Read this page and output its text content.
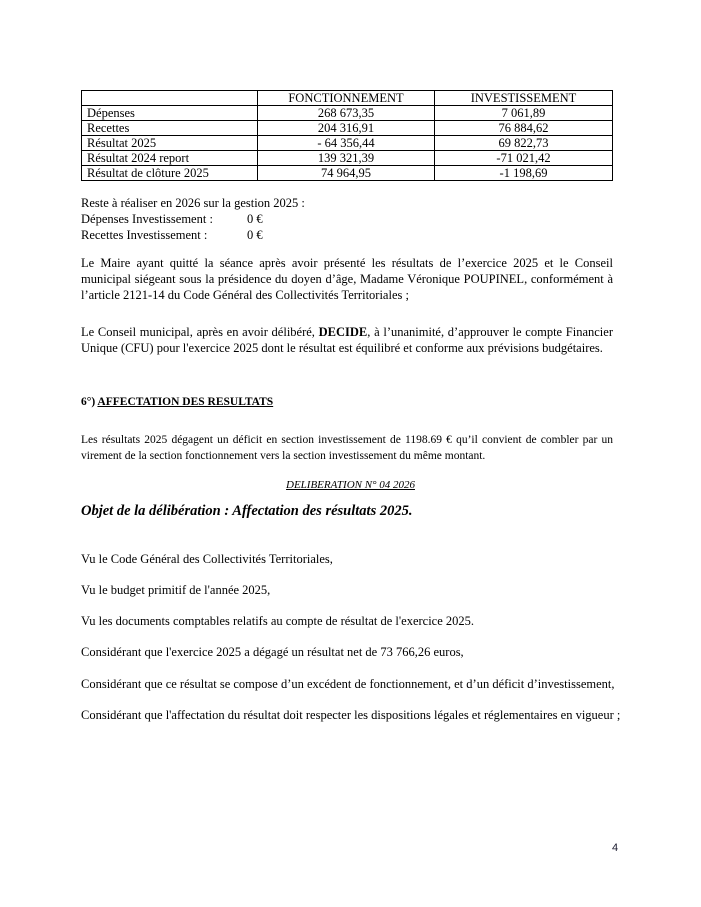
	FONCTIONNEMENT	INVESTISSEMENT
Dépenses	268 673,35	7 061,89
Recettes	204 316,91	76 884,62
Résultat 2025	- 64 356,44	69 822,73
Résultat 2024 report	139 321,39	-71 021,42
Résultat de clôture 2025	74 964,95	-1 198,69
Reste à réaliser en 2026 sur la gestion 2025 :
Dépenses Investissement :	0 €
Recettes Investissement :	0 €
Le Maire ayant quitté la séance après avoir présenté les résultats de l’exercice 2025 et le Conseil municipal siégeant sous la présidence du doyen d’âge, Madame Véronique POUPINEL, conformément à l’article 2121-14 du Code Général des Collectivités Territoriales ;
Le Conseil municipal, après en avoir délibéré, DECIDE, à l’unanimité, d’approuver le compte Financier Unique (CFU) pour l'exercice 2025 dont le résultat est équilibré et conforme aux prévisions budgétaires.
6°) AFFECTATION DES RESULTATS
Les résultats 2025 dégagent un déficit en section investissement de 1198.69 € qu’il convient de combler par un virement de la section fonctionnement vers la section investissement du même montant.
DELIBERATION N° 04 2026
Objet de la délibération : Affectation des résultats 2025.
Vu le Code Général des Collectivités Territoriales,
Vu le budget primitif de l'année 2025,
Vu les documents comptables relatifs au compte de résultat de l'exercice 2025.
Considérant que l'exercice 2025 a dégagé un résultat net de 73 766,26 euros,
Considérant que ce résultat se compose d’un excédent de fonctionnement, et d’un déficit d’investissement,
Considérant que l'affectation du résultat doit respecter les dispositions légales et réglementaires en vigueur ;
4
